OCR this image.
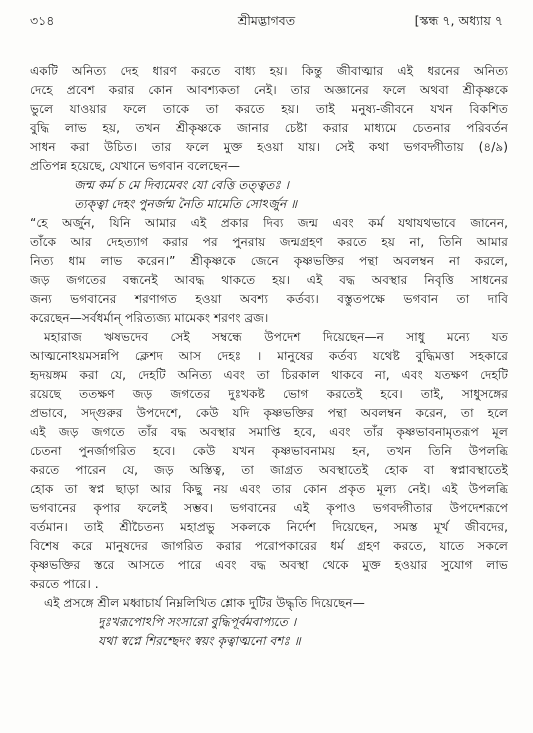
৩১৪	শ্রীমদ্ভাগবত	[স্কন্ধ ৭, অধ্যায় ৭
একটি অনিত্য দেহ ধারণ করতে বাধ্য হয়। কিন্তু জীবাত্মার এই ধরনের অনিত্য
দেহে প্রবেশ করার কোন আবশ্যকতা নেই। তার অজ্ঞানের ফলে অথবা শ্রীকৃষ্ণকে
ভুলে যাওয়ার ফলে তাকে তা করতে হয়। তাই মনুষ্য-জীবনে যখন বিকশিত
বুদ্ধি লাভ হয়, তখন শ্রীকৃষ্ণকে জানার চেষ্টা করার মাধ্যমে চেতনার পরিবর্তন
সাধন করা উচিত। তার ফলে মুক্ত হওয়া যায়। সেই কথা ভগবদ্গীতায় (৪/৯)
প্রতিপন্ন হয়েছে, যেখানে ভগবান বলেছেন—
জন্ম কর্ম চ মে দিব্যমেবং যো বেত্তি তত্ত্বতঃ ।
ত্যক্ত্বা দেহং পুনর্জন্ম নৈতি মামেতি সোঽর্জুন ॥
“হে অর্জুন, যিনি আমার এই প্রকার দিব্য জন্ম এবং কর্ম যথাযথভাবে জানেন,
তাঁকে আর দেহত্যাগ করার পর পুনরায় জন্মগ্রহণ করতে হয় না, তিনি আমার
নিত্য ধাম লাভ করেন।” শ্রীকৃষ্ণকে জেনে কৃষ্ণভক্তির পন্থা অবলম্বন না করলে,
জড় জগতের বন্ধনেই আবদ্ধ থাকতে হয়। এই বদ্ধ অবস্থার নিবৃত্তি সাধনের
জন্য ভগবানের শরণাগত হওয়া অবশ্য কর্তব্য। বস্তুতপক্ষে ভগবান তা দাবি
করেছেন—সর্বধর্মান্ পরিত্যজ্য মামেকং শরণং ব্রজ।
মহারাজ ঋষভদেব সেই সম্বন্ধে উপদেশ দিয়েছেন—ন সাধু মন্যে যত
আত্মনোঽয়মসন্নপি ক্লেশদ আস দেহঃ । মানুষের কর্তব্য যথেষ্ট বুদ্ধিমত্তা সহকারে
হৃদয়ঙ্গম করা যে, দেহটি অনিত্য এবং তা চিরকাল থাকবে না, এবং যতক্ষণ দেহটি
রয়েছে ততক্ষণ জড় জগতের দুঃখকষ্ট ভোগ করতেই হবে। তাই, সাধুসঙ্গের
প্রভাবে, সদ্গুরুর উপদেশে, কেউ যদি কৃষ্ণভক্তির পন্থা অবলম্বন করেন, তা হলে
এই জড় জগতে তাঁর বদ্ধ অবস্থার সমাপ্তি হবে, এবং তাঁর কৃষ্ণভাবনামৃতরূপ মূল
চেতনা পুনর্জাগরিত হবে। কেউ যখন কৃষ্ণভাবনাময় হন, তখন তিনি উপলব্ধি
করতে পারেন যে, জড় অস্তিত্ব, তা জাগ্রত অবস্থাতেই হোক বা স্বপ্নাবস্থাতেই
হোক তা স্বপ্ন ছাড়া আর কিছু নয় এবং তার কোন প্রকৃত মূল্য নেই। এই উপলব্ধি
ভগবানের কৃপার ফলেই সম্ভব। ভগবানের এই কৃপাও ভগবদ্গীতার উপদেশরূপে
বর্তমান। তাই শ্রীচৈতন্য মহাপ্রভু সকলকে নির্দেশ দিয়েছেন, সমস্ত মূর্খ জীবদের,
বিশেষ করে মানুষদের জাগরিত করার পরোপকারের ধর্ম গ্রহণ করতে, যাতে সকলে
কৃষ্ণভক্তির স্তরে আসতে পারে এবং বদ্ধ অবস্থা থেকে মুক্ত হওয়ার সুযোগ লাভ
করতে পারে। .
এই প্রসঙ্গে শ্রীল মধ্বাচার্য নিম্নলিখিত শ্লোক দুটির উদ্ধৃতি দিয়েছেন—
দুঃখরূপোঽপি সংসারো বুদ্ধিপূর্বমবাপ্যতে ।
যথা স্বপ্নে শিরশ্ছেদং স্বয়ং কৃত্বাত্মনো বশঃ ॥
